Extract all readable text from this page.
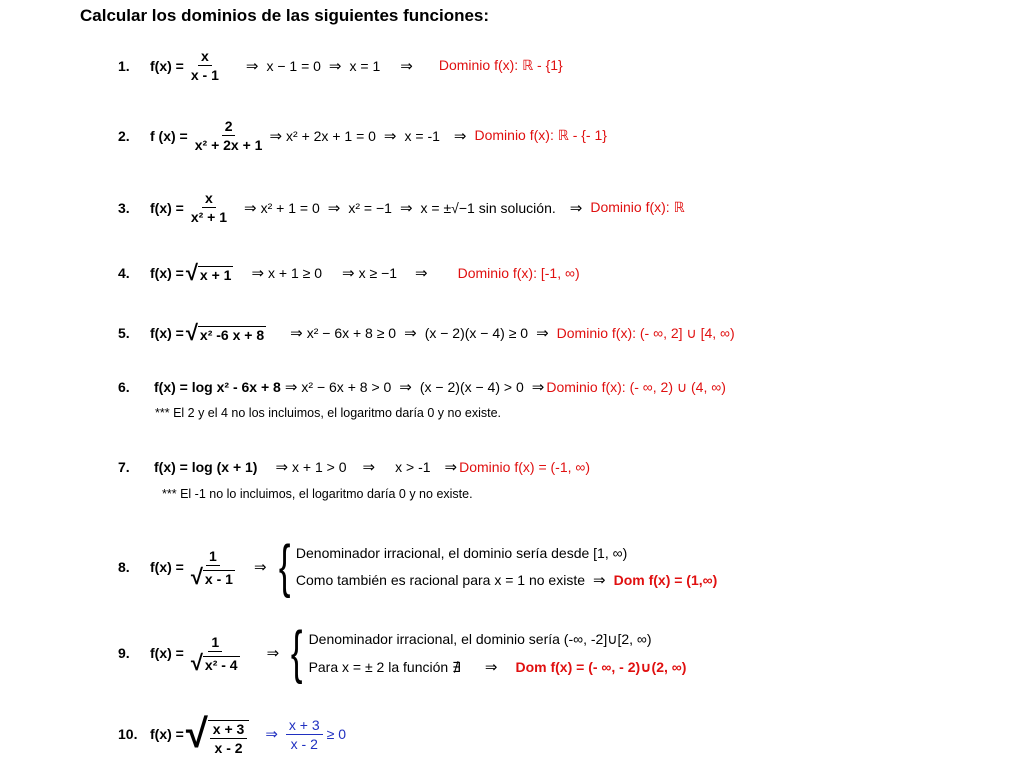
Calcular los dominios de las siguientes funciones:
1.	$f(x) = \frac{x}{x - 1}$ ⇒ x − 1 = 0 ⇒ x = 1 ⇒ Dominio f(x): ℝ - {1}
2.	f $(x) = \frac{2}{\text{x² + 2x + 1}}$ ⇒ x² + 2x + 1 = 0 ⇒ x = -1 ⇒ Dominio f(x): ℝ - {- 1}
3.	$f(x) = \frac{x}{\text{x² + 1}}$ ⇒ x² + 1 = 0 ⇒ x² = −1 ⇒ x = ±√−1 sin solución. ⇒ Dominio f(x): ℝ
4.	f(x) = √ x + 1 ⇒ x + 1 ≥ 0 ⇒ x ≥ −1 ⇒ Dominio f(x): [-1, ∞)
5.	f(x) = √ x² -6 x + 8 ⇒ x² − 6x + 8 ≥ 0 ⇒ (x − 2)(x − 4) ≥ 0 ⇒ Dominio f(x): (- ∞, 2] ∪ [4, ∞)
6.	f(x) = log x² - 6x + 8 ⇒ x² − 6x + 8 > 0 ⇒ (x − 2)(x − 4) > 0 ⇒ Dominio f(x): (- ∞, 2) ∪ (4, ∞)
*** El 2 y el 4 no los incluimos, el logaritmo daría 0 y no existe.
7.	f(x) = log (x + 1) ⇒ x + 1 > 0 ⇒ x > -1 ⇒ Dominio f(x) = (-1, ∞)
*** El -1 no lo incluimos, el logaritmo daría 0 y no existe.
8.	$f(x) = \frac{1}{√ x - 1}$ ⇒ { Denominador irracional, el dominio sería desde [1, ∞)
Como también es racional para x = 1 no existe ⇒ Dom f(x) = (1,∞)
9.	$f(x) = \frac{1}{\text{√ x² - 4}}$ ⇒ { Denominador irracional, el dominio sería (-∞, -2]∪[2, ∞)
Para x = ± 2 la función ∄ ⇒ Dom f(x) = (- ∞, - 2)∪(2, ∞)
10. f(x) = √ $\frac{x + 3}{x - 2}$ ⇒ $\frac{x + 3}{x - 2} \ge 0$
